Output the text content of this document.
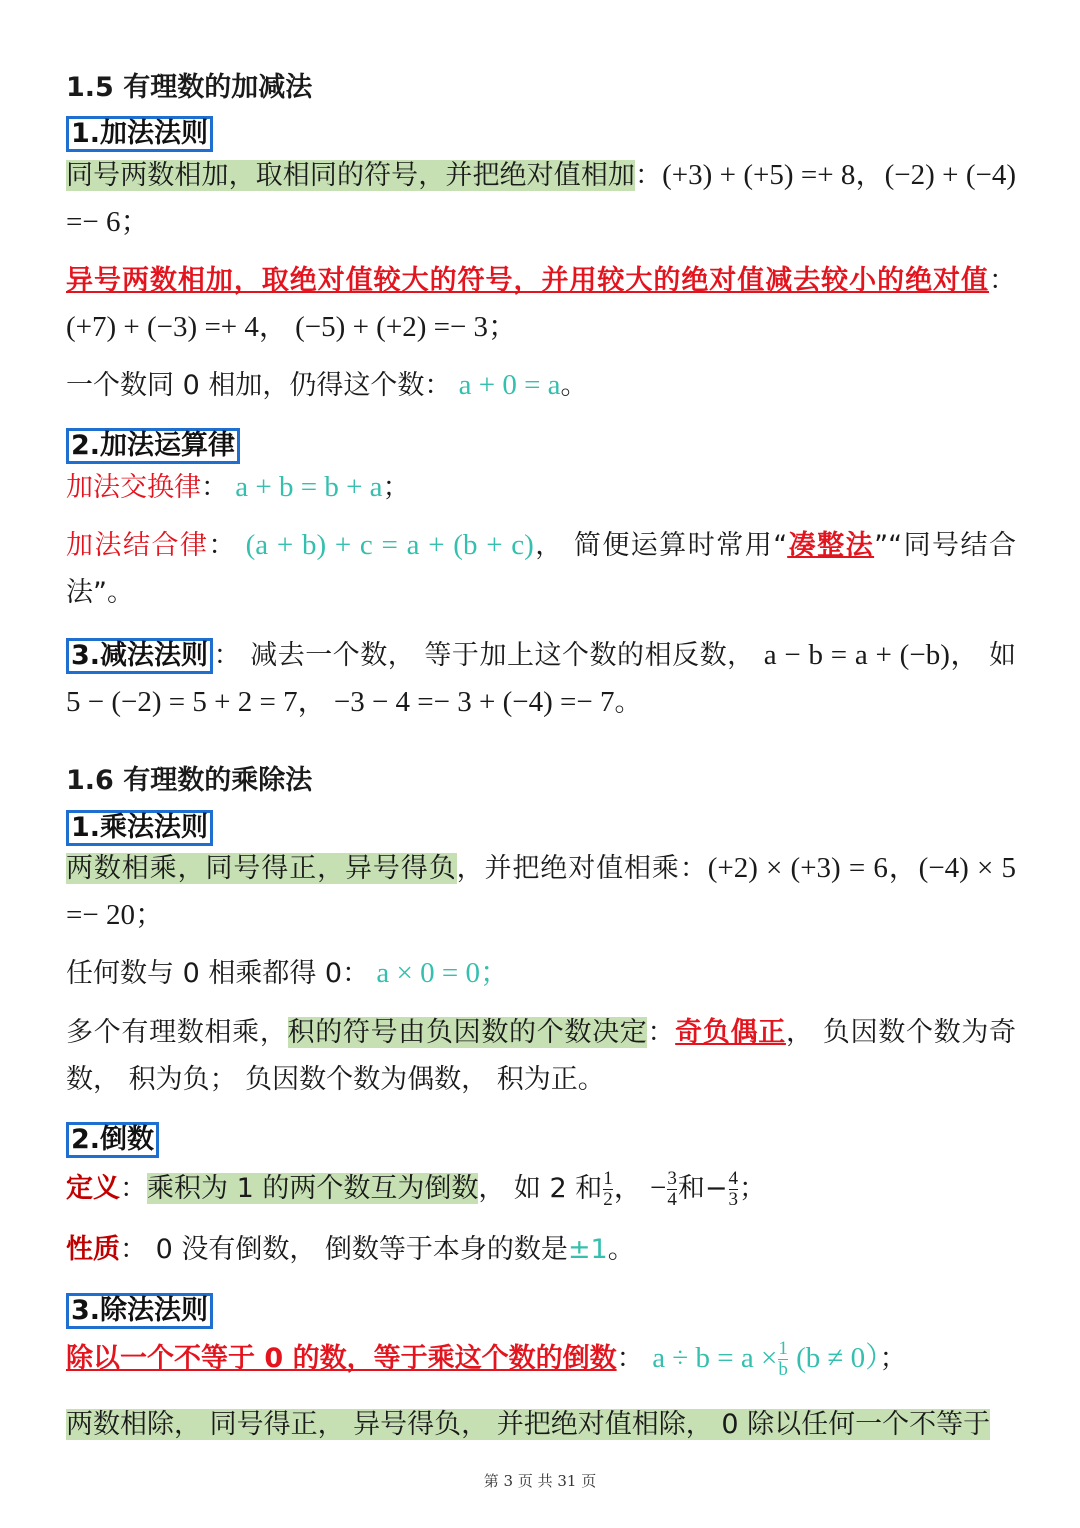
1.5 有理数的加减法
1.加法法则
同号两数相加，取相同的符号，并把绝对值相加：(+3) + (+5) =+ 8，(−2) + (−4) =− 6；
异号两数相加，取绝对值较大的符号，并用较大的绝对值减去较小的绝对值：(+7) + (−3) =+ 4， (−5) + (+2) =− 3；
一个数同 0 相加，仍得这个数： a + 0 = a。
2.加法运算律
加法交换律： a + b = b + a；
加法结合律： (a + b) + c = a + (b + c)， 简便运算时常用“凑整法”“同号结合法”。
3.减法法则 ： 减去一个数， 等于加上这个数的相反数， a − b = a + (−b)， 如 5 − (−2) = 5 + 2 = 7， −3 − 4 =− 3 + (−4) =− 7。
1.6 有理数的乘除法
1.乘法法则
两数相乘，同号得正，异号得负，并把绝对值相乘：(+2) × (+3) = 6，(−4) × 5 =− 20；
任何数与 0 相乘都得 0： a × 0 = 0；
多个有理数相乘，积的符号由负因数的个数决定：奇负偶正， 负因数个数为奇数， 积为负； 负因数个数为偶数， 积为正。
2.倒数
定义：乘积为 1 的两个数互为倒数， 如 2 和 $\frac{1}{2}$ ， − $\frac{3}{4}$ 和− $\frac{4}{3}$ ；
性质： 0 没有倒数， 倒数等于本身的数是±1。
3.除法法则
除以一个不等于 0 的数，等于乘这个数的倒数： $a \div b = a \times \frac{1}{b} (b \ne 0)$；
两数相除， 同号得正， 异号得负， 并把绝对值相除， 0 除以任何一个不等于
第 3 页 共 31 页
